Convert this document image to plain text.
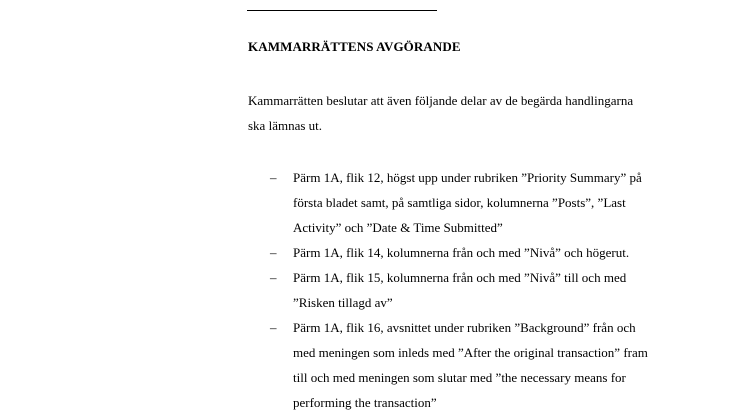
KAMMARRÄTTENS AVGÖRANDE
Kammarrätten beslutar att även följande delar av de begärda handlingarna
ska lämnas ut.
– Pärm 1A, flik 12, högst upp under rubriken ”Priority Summary” på
första bladet samt, på samtliga sidor, kolumnerna ”Posts”, ”Last
Activity” och ”Date & Time Submitted”
– Pärm 1A, flik 14, kolumnerna från och med ”Nivå” och högerut.
– Pärm 1A, flik 15, kolumnerna från och med ”Nivå” till och med
”Risken tillagd av”
– Pärm 1A, flik 16, avsnittet under rubriken ”Background” från och
med meningen som inleds med ”After the original transaction” fram
till och med meningen som slutar med ”the necessary means for
performing the transaction”
